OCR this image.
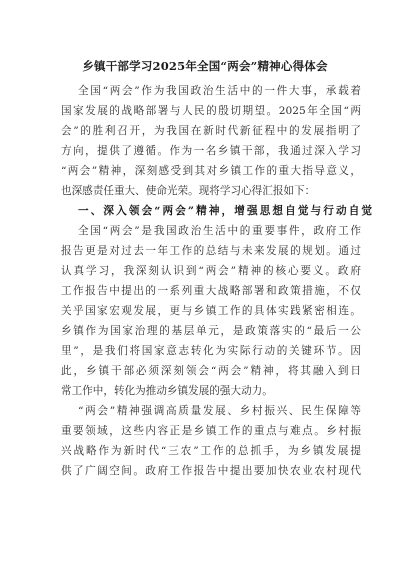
乡镇干部学习2025年全国“两会”精神心得体会
全国“两会”作为我国政治生活中的一件大事，承载着
国家发展的战略部署与人民的殷切期望。2025年全国“两
会”的胜利召开，为我国在新时代新征程中的发展指明了
方向，提供了遵循。作为一名乡镇干部，我通过深入学习
“两会”精神，深刻感受到其对乡镇工作的重大指导意义，
也深感责任重大、使命光荣。现将学习心得汇报如下：
一、深入领会“两会”精神，增强思想自觉与行动自觉
全国“两会”是我国政治生活中的重要事件，政府工作
报告更是对过去一年工作的总结与未来发展的规划。通过
认真学习，我深刻认识到“两会”精神的核心要义。政府
工作报告中提出的一系列重大战略部署和政策措施，不仅
关乎国家宏观发展，更与乡镇工作的具体实践紧密相连。
乡镇作为国家治理的基层单元，是政策落实的“最后一公
里”，是我们将国家意志转化为实际行动的关键环节。因
此，乡镇干部必须深刻领会“两会”精神，将其融入到日
常工作中，转化为推动乡镇发展的强大动力。
“两会”精神强调高质量发展、乡村振兴、民生保障等
重要领域，这些内容正是乡镇工作的重点与难点。乡村振
兴战略作为新时代“三农”工作的总抓手，为乡镇发展提
供了广阔空间。政府工作报告中提出要加快农业农村现代
